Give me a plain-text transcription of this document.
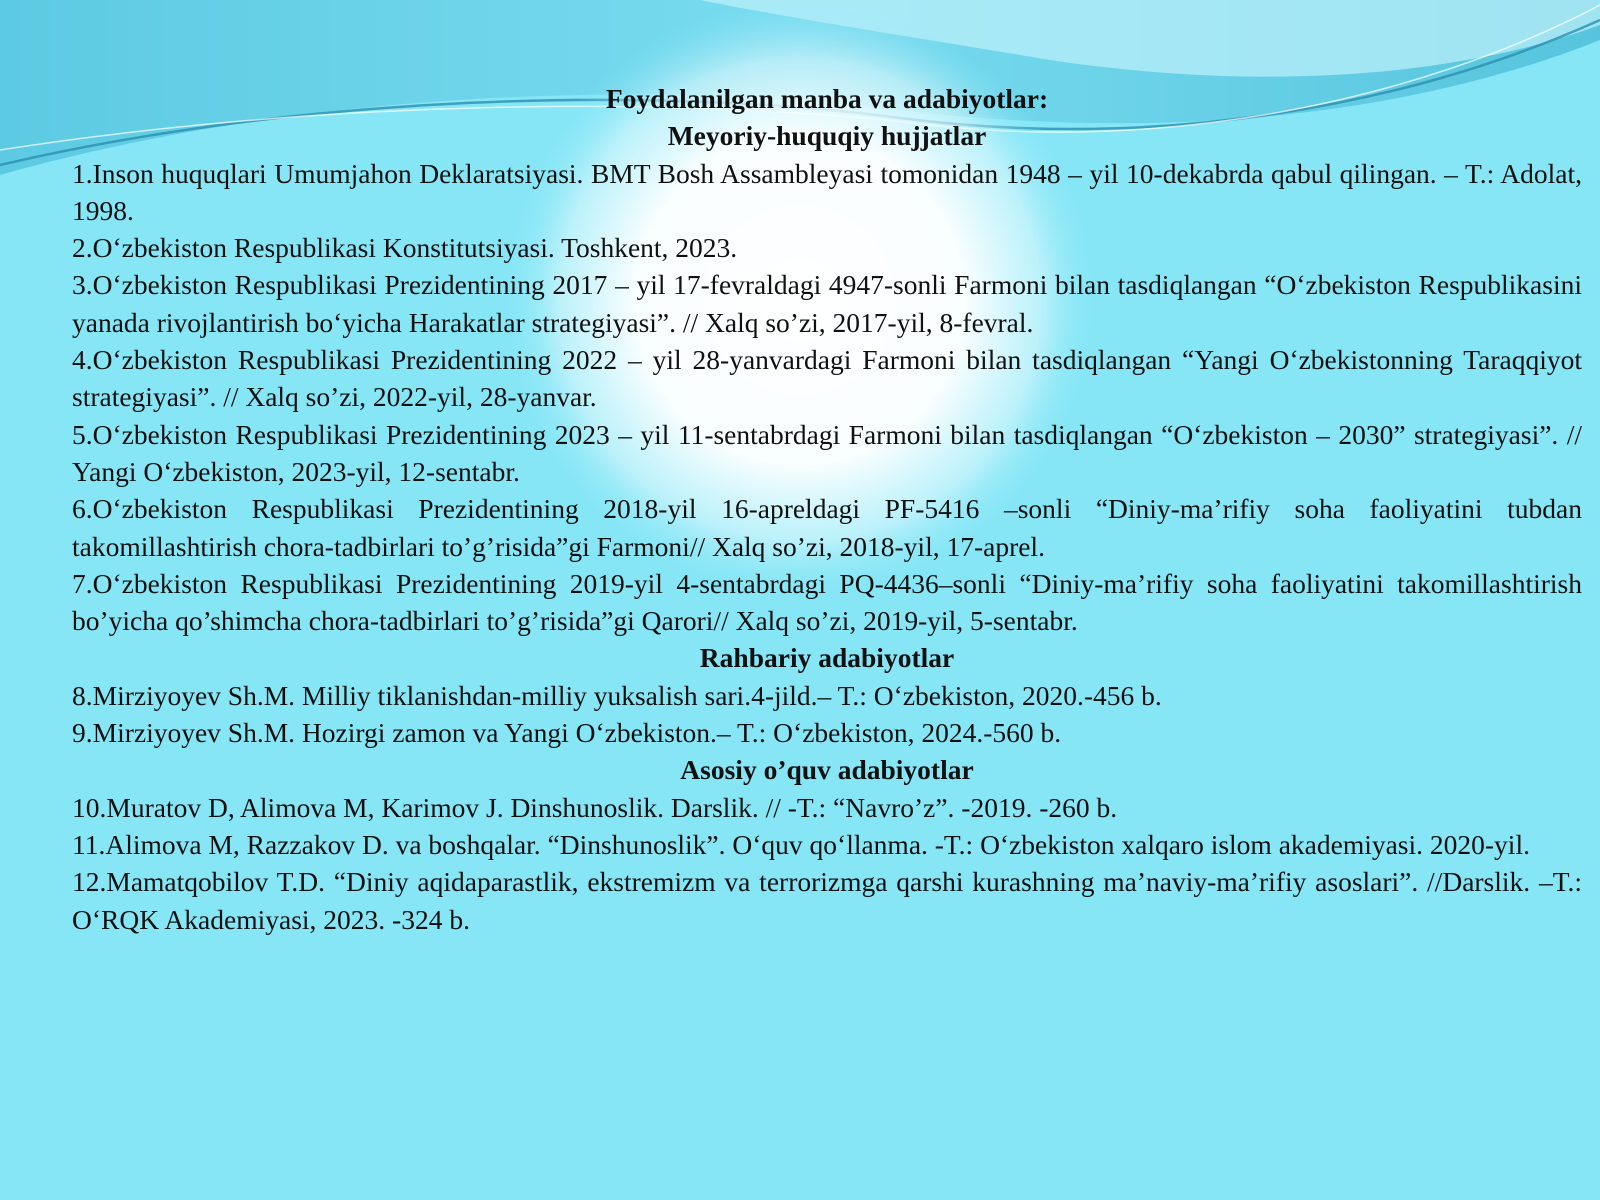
Foydalanilgan manba va adabiyotlar:
Meyoriy-huquqiy hujjatlar
1.Inson huquqlari Umumjahon Deklaratsiyasi. BMT Bosh Assambleyasi tomonidan 1948 – yil 10-dekabrda qabul qilingan. – T.: Adolat, 1998.
2.O‘zbekiston Respublikasi Konstitutsiyasi. Toshkent, 2023.
3.O‘zbekiston Respublikasi Prezidentining 2017 – yil 17-fevraldagi 4947-sonli Farmoni bilan tasdiqlangan “O‘zbekiston Respublikasini yanada rivojlantirish bo‘yicha Harakatlar strategiyasi”. // Xalq so’zi, 2017-yil, 8-fevral.
4.O‘zbekiston Respublikasi Prezidentining 2022 – yil 28-yanvardagi Farmoni bilan tasdiqlangan “Yangi O‘zbekistonning Taraqqiyot strategiyasi”. // Xalq so’zi, 2022-yil, 28-yanvar.
5.O‘zbekiston Respublikasi Prezidentining 2023 – yil 11-sentabrdagi Farmoni bilan tasdiqlangan “O‘zbekiston – 2030” strategiyasi”. // Yangi O‘zbekiston, 2023-yil, 12-sentabr.
6.O‘zbekiston Respublikasi Prezidentining 2018-yil 16-apreldagi PF-5416 –sonli “Diniy-ma’rifiy soha faoliyatini tubdan takomillashtirish chora-tadbirlari to’g’risida”gi Farmoni// Xalq so’zi, 2018-yil, 17-aprel.
7.O‘zbekiston Respublikasi Prezidentining 2019-yil 4-sentabrdagi PQ-4436–sonli “Diniy-ma’rifiy soha faoliyatini takomillashtirish bo’yicha qo’shimcha chora-tadbirlari to’g’risida”gi Qarori// Xalq so’zi, 2019-yil, 5-sentabr.
Rahbariy adabiyotlar
8.Mirziyoyev Sh.M. Milliy tiklanishdan-milliy yuksalish sari.4-jild.– T.: O‘zbekiston, 2020.-456 b.
9.Mirziyoyev Sh.M. Hozirgi zamon va Yangi O‘zbekiston.– T.: O‘zbekiston, 2024.-560 b.
Asosiy o’quv adabiyotlar
10.Muratov D, Alimova M, Karimov J. Dinshunoslik. Darslik. // -T.: “Navro’z”. -2019. -260 b.
11.Alimova M, Razzakov D. va boshqalar. “Dinshunoslik”. O‘quv qo‘llanma. -T.: O‘zbekiston xalqaro islom akademiyasi. 2020-yil.
12.Mamatqobilov T.D. “Diniy aqidaparastlik, ekstremizm va terrorizmga qarshi kurashning ma’naviy-ma’rifiy asoslari”. //Darslik. –T.: O‘RQK Akademiyasi, 2023. -324 b.
